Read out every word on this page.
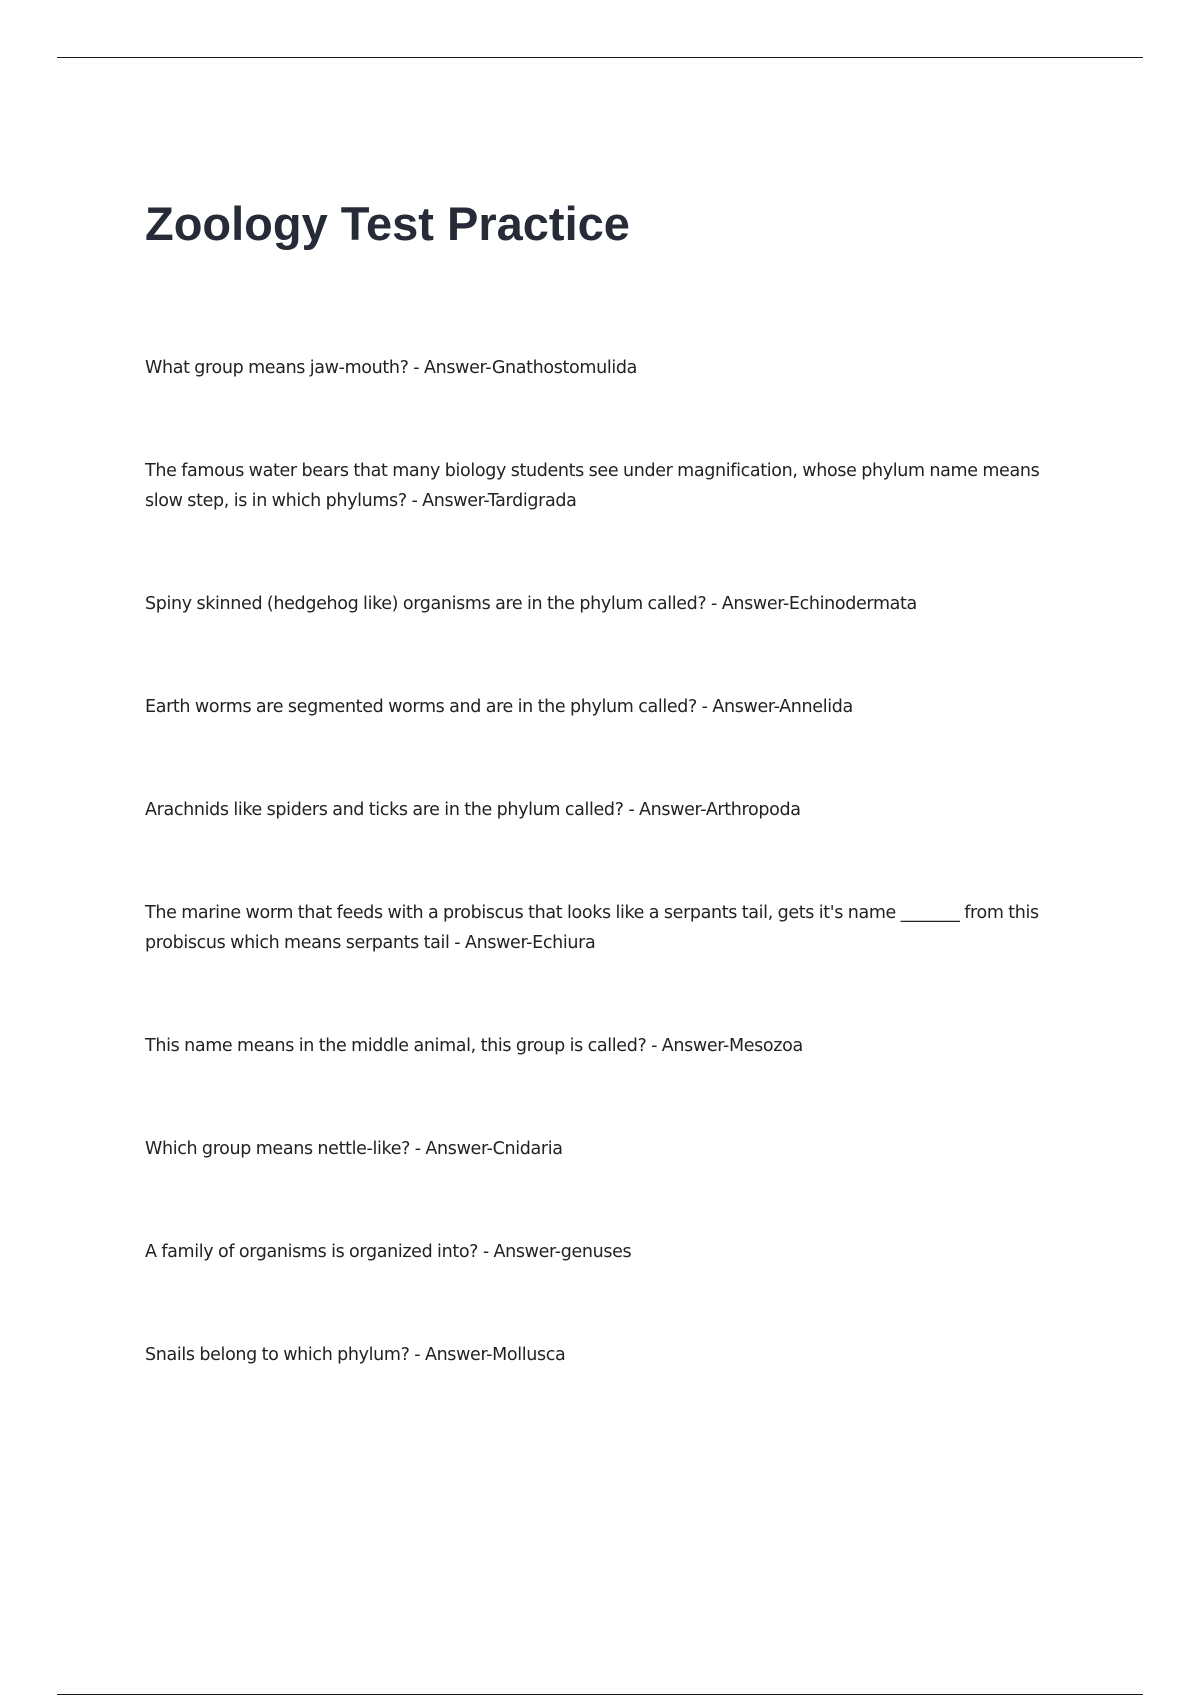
Zoology Test Practice
What group means jaw-mouth? - Answer-Gnathostomulida
The famous water bears that many biology students see under magnification, whose phylum name means slow step, is in which phylums? - Answer-Tardigrada
Spiny skinned (hedgehog like) organisms are in the phylum called? - Answer-Echinodermata
Earth worms are segmented worms and are in the phylum called? - Answer-Annelida
Arachnids like spiders and ticks are in the phylum called? - Answer-Arthropoda
The marine worm that feeds with a probiscus that looks like a serpants tail, gets it's name _______ from this probiscus which means serpants tail - Answer-Echiura
This name means in the middle animal, this group is called? - Answer-Mesozoa
Which group means nettle-like? - Answer-Cnidaria
A family of organisms is organized into? - Answer-genuses
Snails belong to which phylum? - Answer-Mollusca
